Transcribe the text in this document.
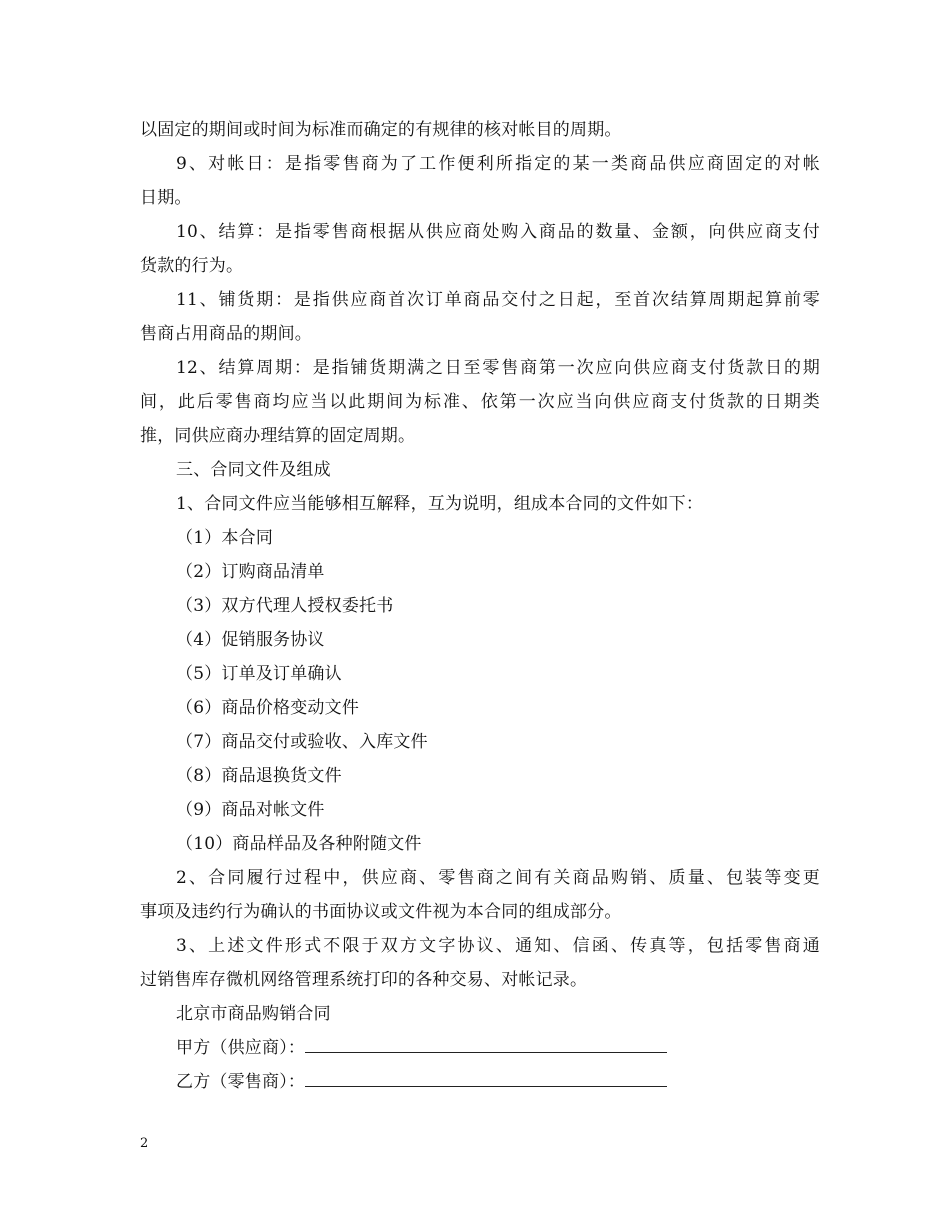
以固定的期间或时间为标准而确定的有规律的核对帐目的周期。
9、对帐日：是指零售商为了工作便利所指定的某一类商品供应商固定的对帐
日期。
10、结算：是指零售商根据从供应商处购入商品的数量、金额，向供应商支付
货款的行为。
11、铺货期：是指供应商首次订单商品交付之日起，至首次结算周期起算前零
售商占用商品的期间。
12、结算周期：是指铺货期满之日至零售商第一次应向供应商支付货款日的期
间，此后零售商均应当以此期间为标准、依第一次应当向供应商支付货款的日期类
推，同供应商办理结算的固定周期。
三、合同文件及组成
1、合同文件应当能够相互解释，互为说明，组成本合同的文件如下：
（1）本合同
（2）订购商品清单
（3）双方代理人授权委托书
（4）促销服务协议
（5）订单及订单确认
（6）商品价格变动文件
（7）商品交付或验收、入库文件
（8）商品退换货文件
（9）商品对帐文件
（10）商品样品及各种附随文件
2、合同履行过程中，供应商、零售商之间有关商品购销、质量、包装等变更
事项及违约行为确认的书面协议或文件视为本合同的组成部分。
3、上述文件形式不限于双方文字协议、通知、信函、传真等，包括零售商通
过销售库存微机网络管理系统打印的各种交易、对帐记录。
北京市商品购销合同
甲方（供应商）：
乙方（零售商）：
2
